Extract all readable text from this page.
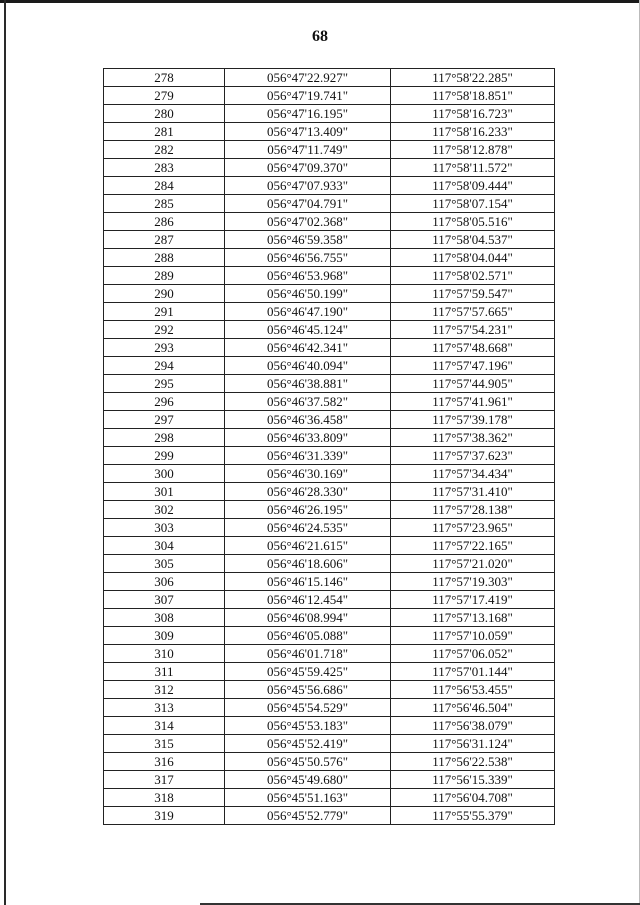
68
278	056°47'22.927"	117°58'22.285"
279	056°47'19.741"	117°58'18.851"
280	056°47'16.195"	117°58'16.723"
281	056°47'13.409"	117°58'16.233"
282	056°47'11.749"	117°58'12.878"
283	056°47'09.370"	117°58'11.572"
284	056°47'07.933"	117°58'09.444"
285	056°47'04.791"	117°58'07.154"
286	056°47'02.368"	117°58'05.516"
287	056°46'59.358"	117°58'04.537"
288	056°46'56.755"	117°58'04.044"
289	056°46'53.968"	117°58'02.571"
290	056°46'50.199"	117°57'59.547"
291	056°46'47.190"	117°57'57.665"
292	056°46'45.124"	117°57'54.231"
293	056°46'42.341"	117°57'48.668"
294	056°46'40.094"	117°57'47.196"
295	056°46'38.881"	117°57'44.905"
296	056°46'37.582"	117°57'41.961"
297	056°46'36.458"	117°57'39.178"
298	056°46'33.809"	117°57'38.362"
299	056°46'31.339"	117°57'37.623"
300	056°46'30.169"	117°57'34.434"
301	056°46'28.330"	117°57'31.410"
302	056°46'26.195"	117°57'28.138"
303	056°46'24.535"	117°57'23.965"
304	056°46'21.615"	117°57'22.165"
305	056°46'18.606"	117°57'21.020"
306	056°46'15.146"	117°57'19.303"
307	056°46'12.454"	117°57'17.419"
308	056°46'08.994"	117°57'13.168"
309	056°46'05.088"	117°57'10.059"
310	056°46'01.718"	117°57'06.052"
311	056°45'59.425"	117°57'01.144"
312	056°45'56.686"	117°56'53.455"
313	056°45'54.529"	117°56'46.504"
314	056°45'53.183"	117°56'38.079"
315	056°45'52.419"	117°56'31.124"
316	056°45'50.576"	117°56'22.538"
317	056°45'49.680"	117°56'15.339"
318	056°45'51.163"	117°56'04.708"
319	056°45'52.779"	117°55'55.379"
